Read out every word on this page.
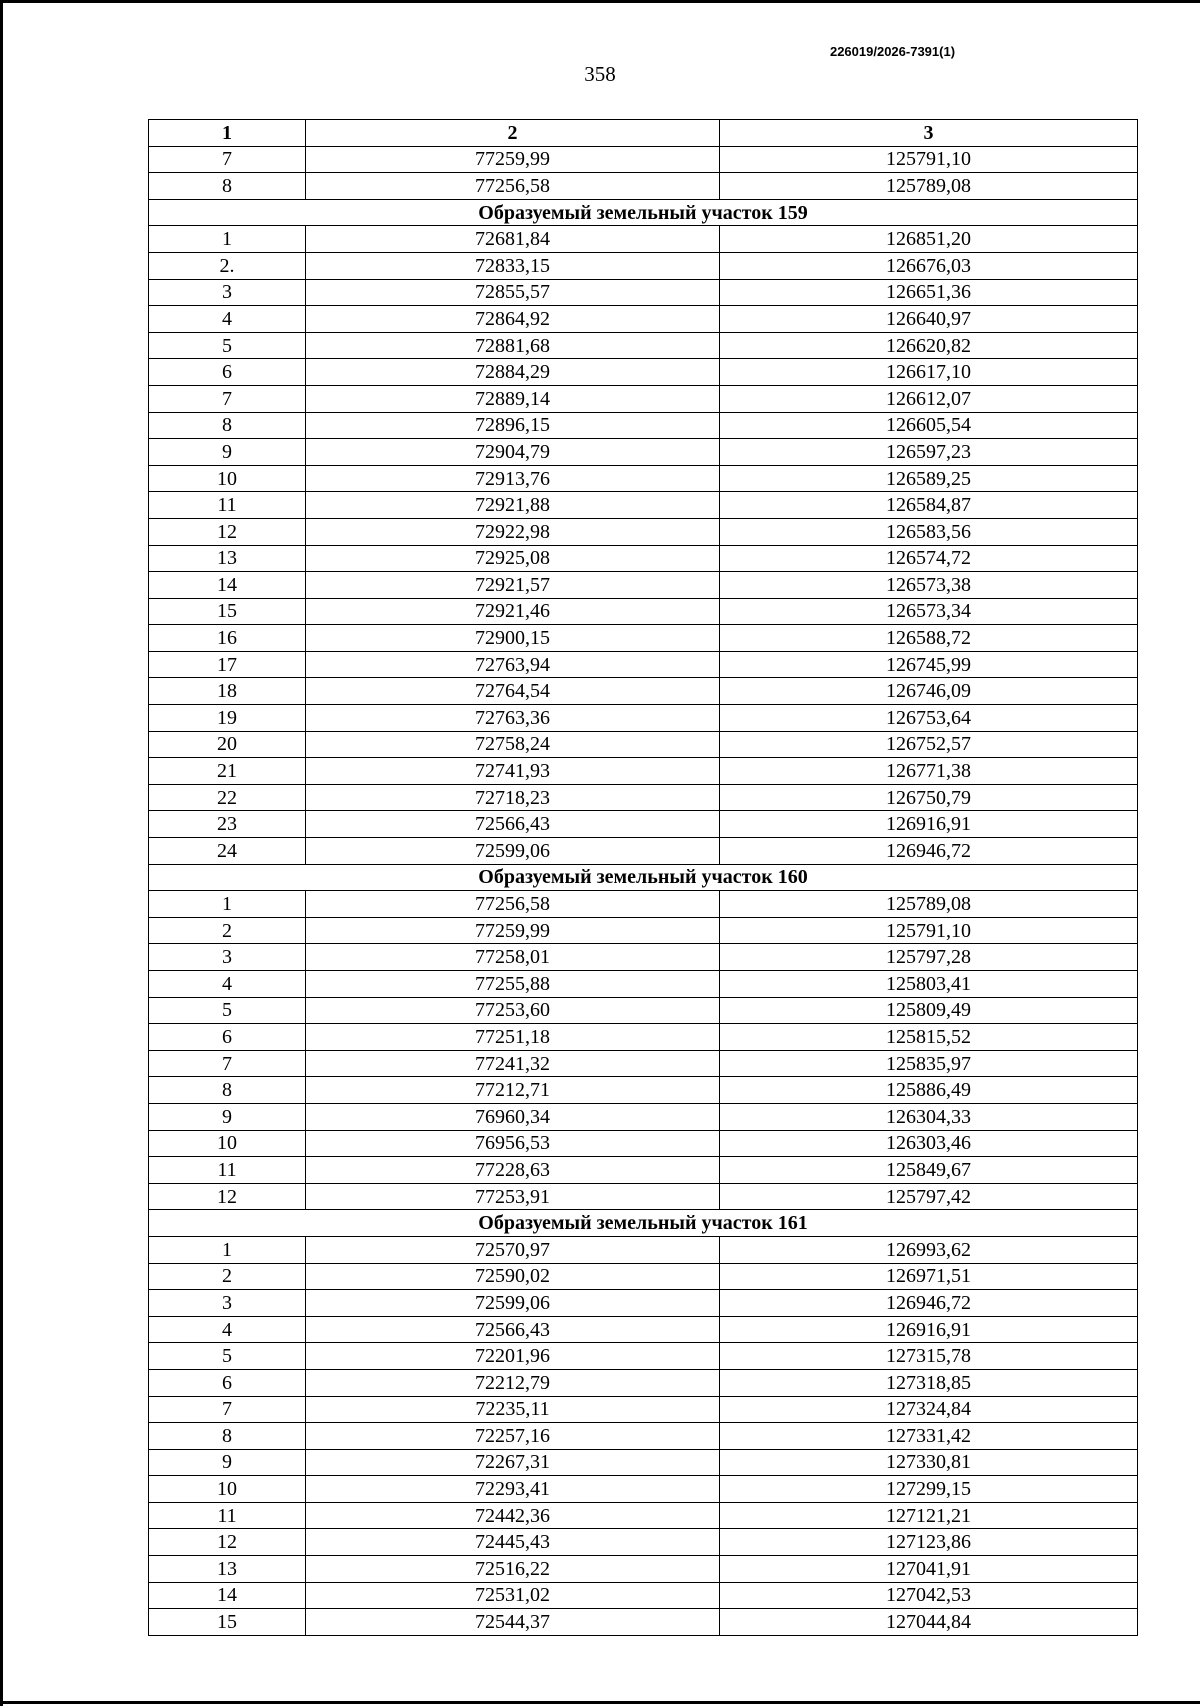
226019/2026-7391(1)
358
1	2	3
7	77259,99	125791,10
8	77256,58	125789,08
Образуемый земельный участок 159		
1	72681,84	126851,20
2.	72833,15	126676,03
3	72855,57	126651,36
4	72864,92	126640,97
5	72881,68	126620,82
6	72884,29	126617,10
7	72889,14	126612,07
8	72896,15	126605,54
9	72904,79	126597,23
10	72913,76	126589,25
11	72921,88	126584,87
12	72922,98	126583,56
13	72925,08	126574,72
14	72921,57	126573,38
15	72921,46	126573,34
16	72900,15	126588,72
17	72763,94	126745,99
18	72764,54	126746,09
19	72763,36	126753,64
20	72758,24	126752,57
21	72741,93	126771,38
22	72718,23	126750,79
23	72566,43	126916,91
24	72599,06	126946,72
Образуемый земельный участок 160		
1	77256,58	125789,08
2	77259,99	125791,10
3	77258,01	125797,28
4	77255,88	125803,41
5	77253,60	125809,49
6	77251,18	125815,52
7	77241,32	125835,97
8	77212,71	125886,49
9	76960,34	126304,33
10	76956,53	126303,46
11	77228,63	125849,67
12	77253,91	125797,42
Образуемый земельный участок 161		
1	72570,97	126993,62
2	72590,02	126971,51
3	72599,06	126946,72
4	72566,43	126916,91
5	72201,96	127315,78
6	72212,79	127318,85
7	72235,11	127324,84
8	72257,16	127331,42
9	72267,31	127330,81
10	72293,41	127299,15
11	72442,36	127121,21
12	72445,43	127123,86
13	72516,22	127041,91
14	72531,02	127042,53
15	72544,37	127044,84
